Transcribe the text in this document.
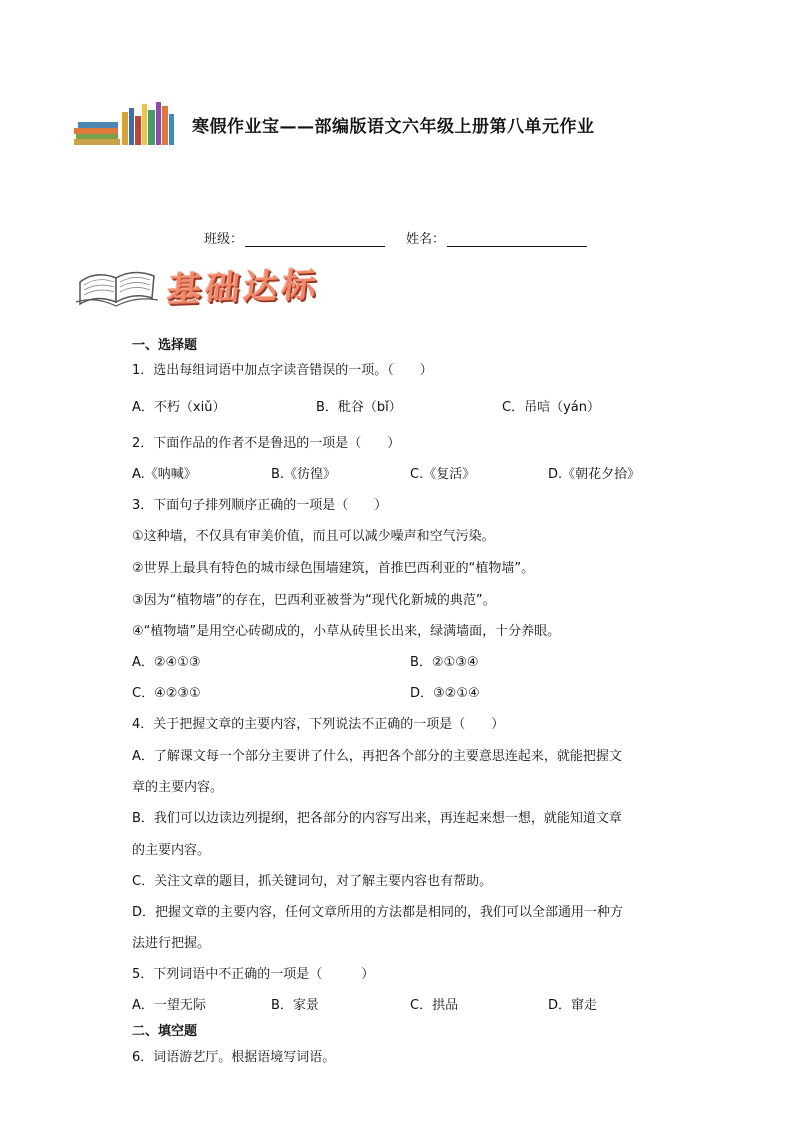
寒假作业宝——部编版语文六年级上册第八单元作业
班级：	姓名：
基础达标
一、选择题
1．选出每组词语中加点字读音错误的一项。（　　）
A．不朽（xiǔ）	B．秕谷（bǐ）	C．吊唁（yán）
2．下面作品的作者不是鲁迅的一项是（　　）
A.《呐喊》	B.《彷徨》	C.《复活》	D.《朝花夕拾》
3．下面句子排列顺序正确的一项是（　　）
①这种墙，不仅具有审美价值，而且可以减少噪声和空气污染。
②世界上最具有特色的城市绿色围墙建筑，首推巴西利亚的“植物墙”。
③因为“植物墙”的存在，巴西利亚被誉为“现代化新城的典范”。
④“植物墙”是用空心砖砌成的，小草从砖里长出来，绿满墙面，十分养眼。
A．②④①③	B．②①③④
C．④②③①	D．③②①④
4．关于把握文章的主要内容，下列说法不正确的一项是（　　）
A．了解课文每一个部分主要讲了什么，再把各个部分的主要意思连起来，就能把握文
章的主要内容。
B．我们可以边读边列提纲，把各部分的内容写出来，再连起来想一想，就能知道文章
的主要内容。
C．关注文章的题目，抓关键词句，对了解主要内容也有帮助。
D．把握文章的主要内容，任何文章所用的方法都是相同的，我们可以全部通用一种方
法进行把握。
5．下列词语中不正确的一项是（　　　）
A．一望无际	B．家景	C．拱品	D．窜走
二、填空题
6．词语游艺厅。根据语境写词语。
